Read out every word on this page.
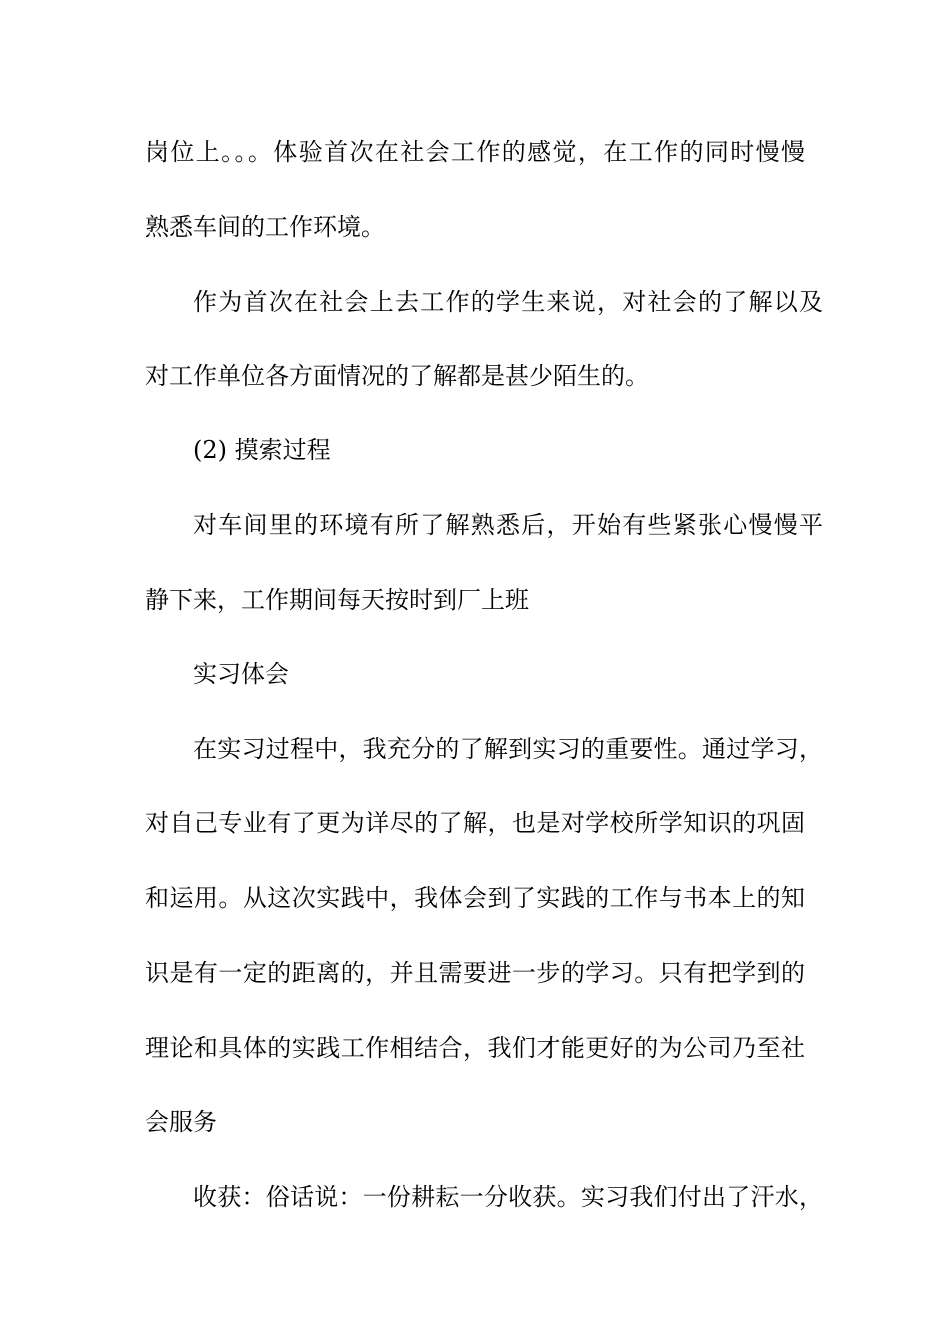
岗位上。。。体验首次在社会工作的感觉，在工作的同时慢慢
熟悉车间的工作环境。
作为首次在社会上去工作的学生来说，对社会的了解以及
对工作单位各方面情况的了解都是甚少陌生的。
(2) 摸索过程
对车间里的环境有所了解熟悉后，开始有些紧张心慢慢平
静下来，工作期间每天按时到厂上班
实习体会
在实习过程中，我充分的了解到实习的重要性。通过学习，
对自己专业有了更为详尽的了解，也是对学校所学知识的巩固
和运用。从这次实践中，我体会到了实践的工作与书本上的知
识是有一定的距离的，并且需要进一步的学习。只有把学到的
理论和具体的实践工作相结合，我们才能更好的为公司乃至社
会服务
收获：俗话说：一份耕耘一分收获。实习我们付出了汗水，
